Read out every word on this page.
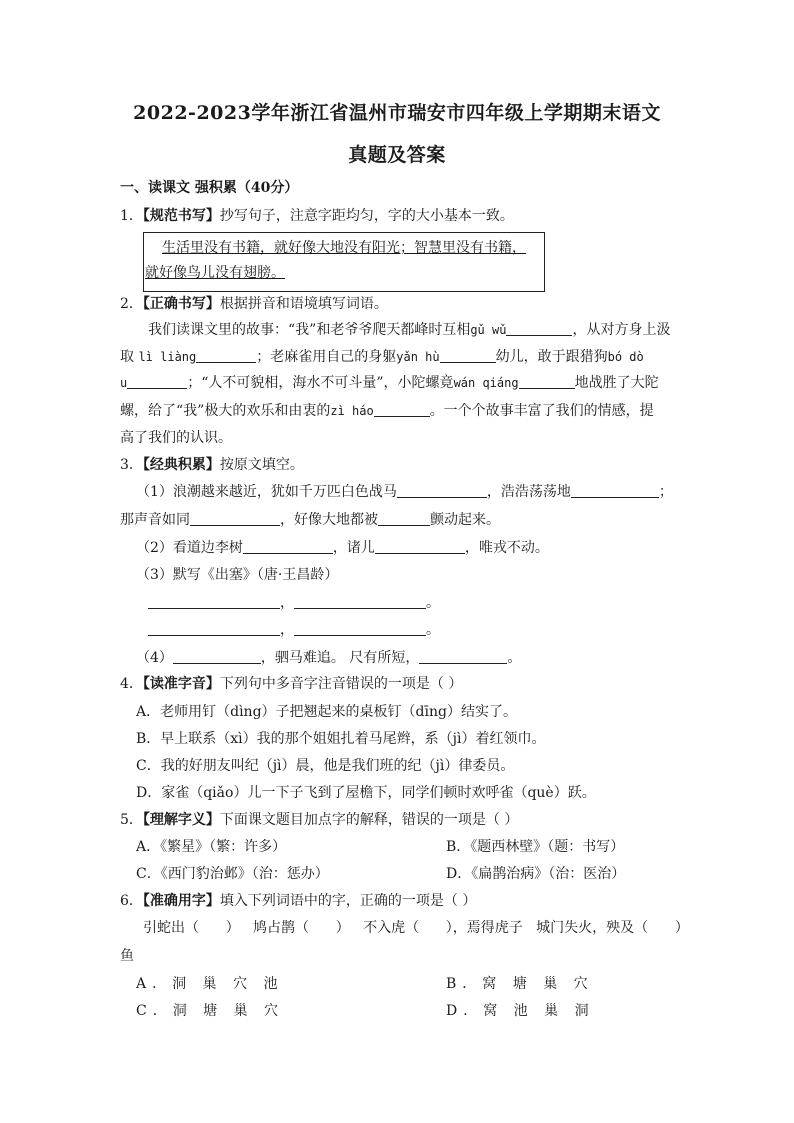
2022-2023学年浙江省温州市瑞安市四年级上学期期末语文
真题及答案
一、读课文 强积累（40分）
1．【规范书写】抄写句子，注意字距均匀，字的大小基本一致。
生活里没有书籍，就好像大地没有阳光；智慧里没有书籍，
就好像鸟儿没有翅膀。
2．【正确书写】根据拼音和语境填写词语。
我们读课文里的故事：“我”和老爷爷爬天都峰时互相gǔ wǔ	，从对方身上汲
取 lì liàng	；老麻雀用自己的身躯yǎn hù	幼儿，敢于跟猎狗bó dò
u	；“人不可貌相，海水不可斗量”，小陀螺竟wán qiáng	地战胜了大陀
螺，给了“我”极大的欢乐和由衷的zì háo	。一个个故事丰富了我们的情感，提
高了我们的认识。
3．【经典积累】按原文填空。
（1）浪潮越来越近，犹如千万匹白色战马	，浩浩荡荡地	；
那声音如同	，好像大地都被	颤动起来。
（2）看道边李树	，诸儿	，唯戎不动。
（3）默写《出塞》（唐·王昌龄）
，	。
，	。
（4）	，驷马难追。 尺有所短，	。
4．【读准字音】下列句中多音字注音错误的一项是（ ）
A．老师用钉（dìng）子把翘起来的桌板钉（dīng）结实了。
B．早上联系（xì）我的那个姐姐扎着马尾辫，系（jì）着红领巾。
C．我的好朋友叫纪（jì）晨，他是我们班的纪（jì）律委员。
D．家雀（qiǎo）儿一下子飞到了屋檐下，同学们顿时欢呼雀（què）跃。
5．【理解字义】下面课文题目加点字的解释，错误的一项是（ ）
A．《繁星》（繁：许多）	B．《题西林壁》（题：书写）
C．《西门豹治邺》（治：惩办）	D．《扁鹊治病》（治：医治）
6．【准确用字】填入下列词语中的字，正确的一项是（ ）
引蛇出（      ）   鸠占鹊（      ）   不入虎（      ），焉得虎子   城门失火，殃及（      ）
鱼
A．洞 巢 穴 池	B．窝 塘 巢 穴
C．洞 塘 巢 穴	D．窝 池 巢 洞
